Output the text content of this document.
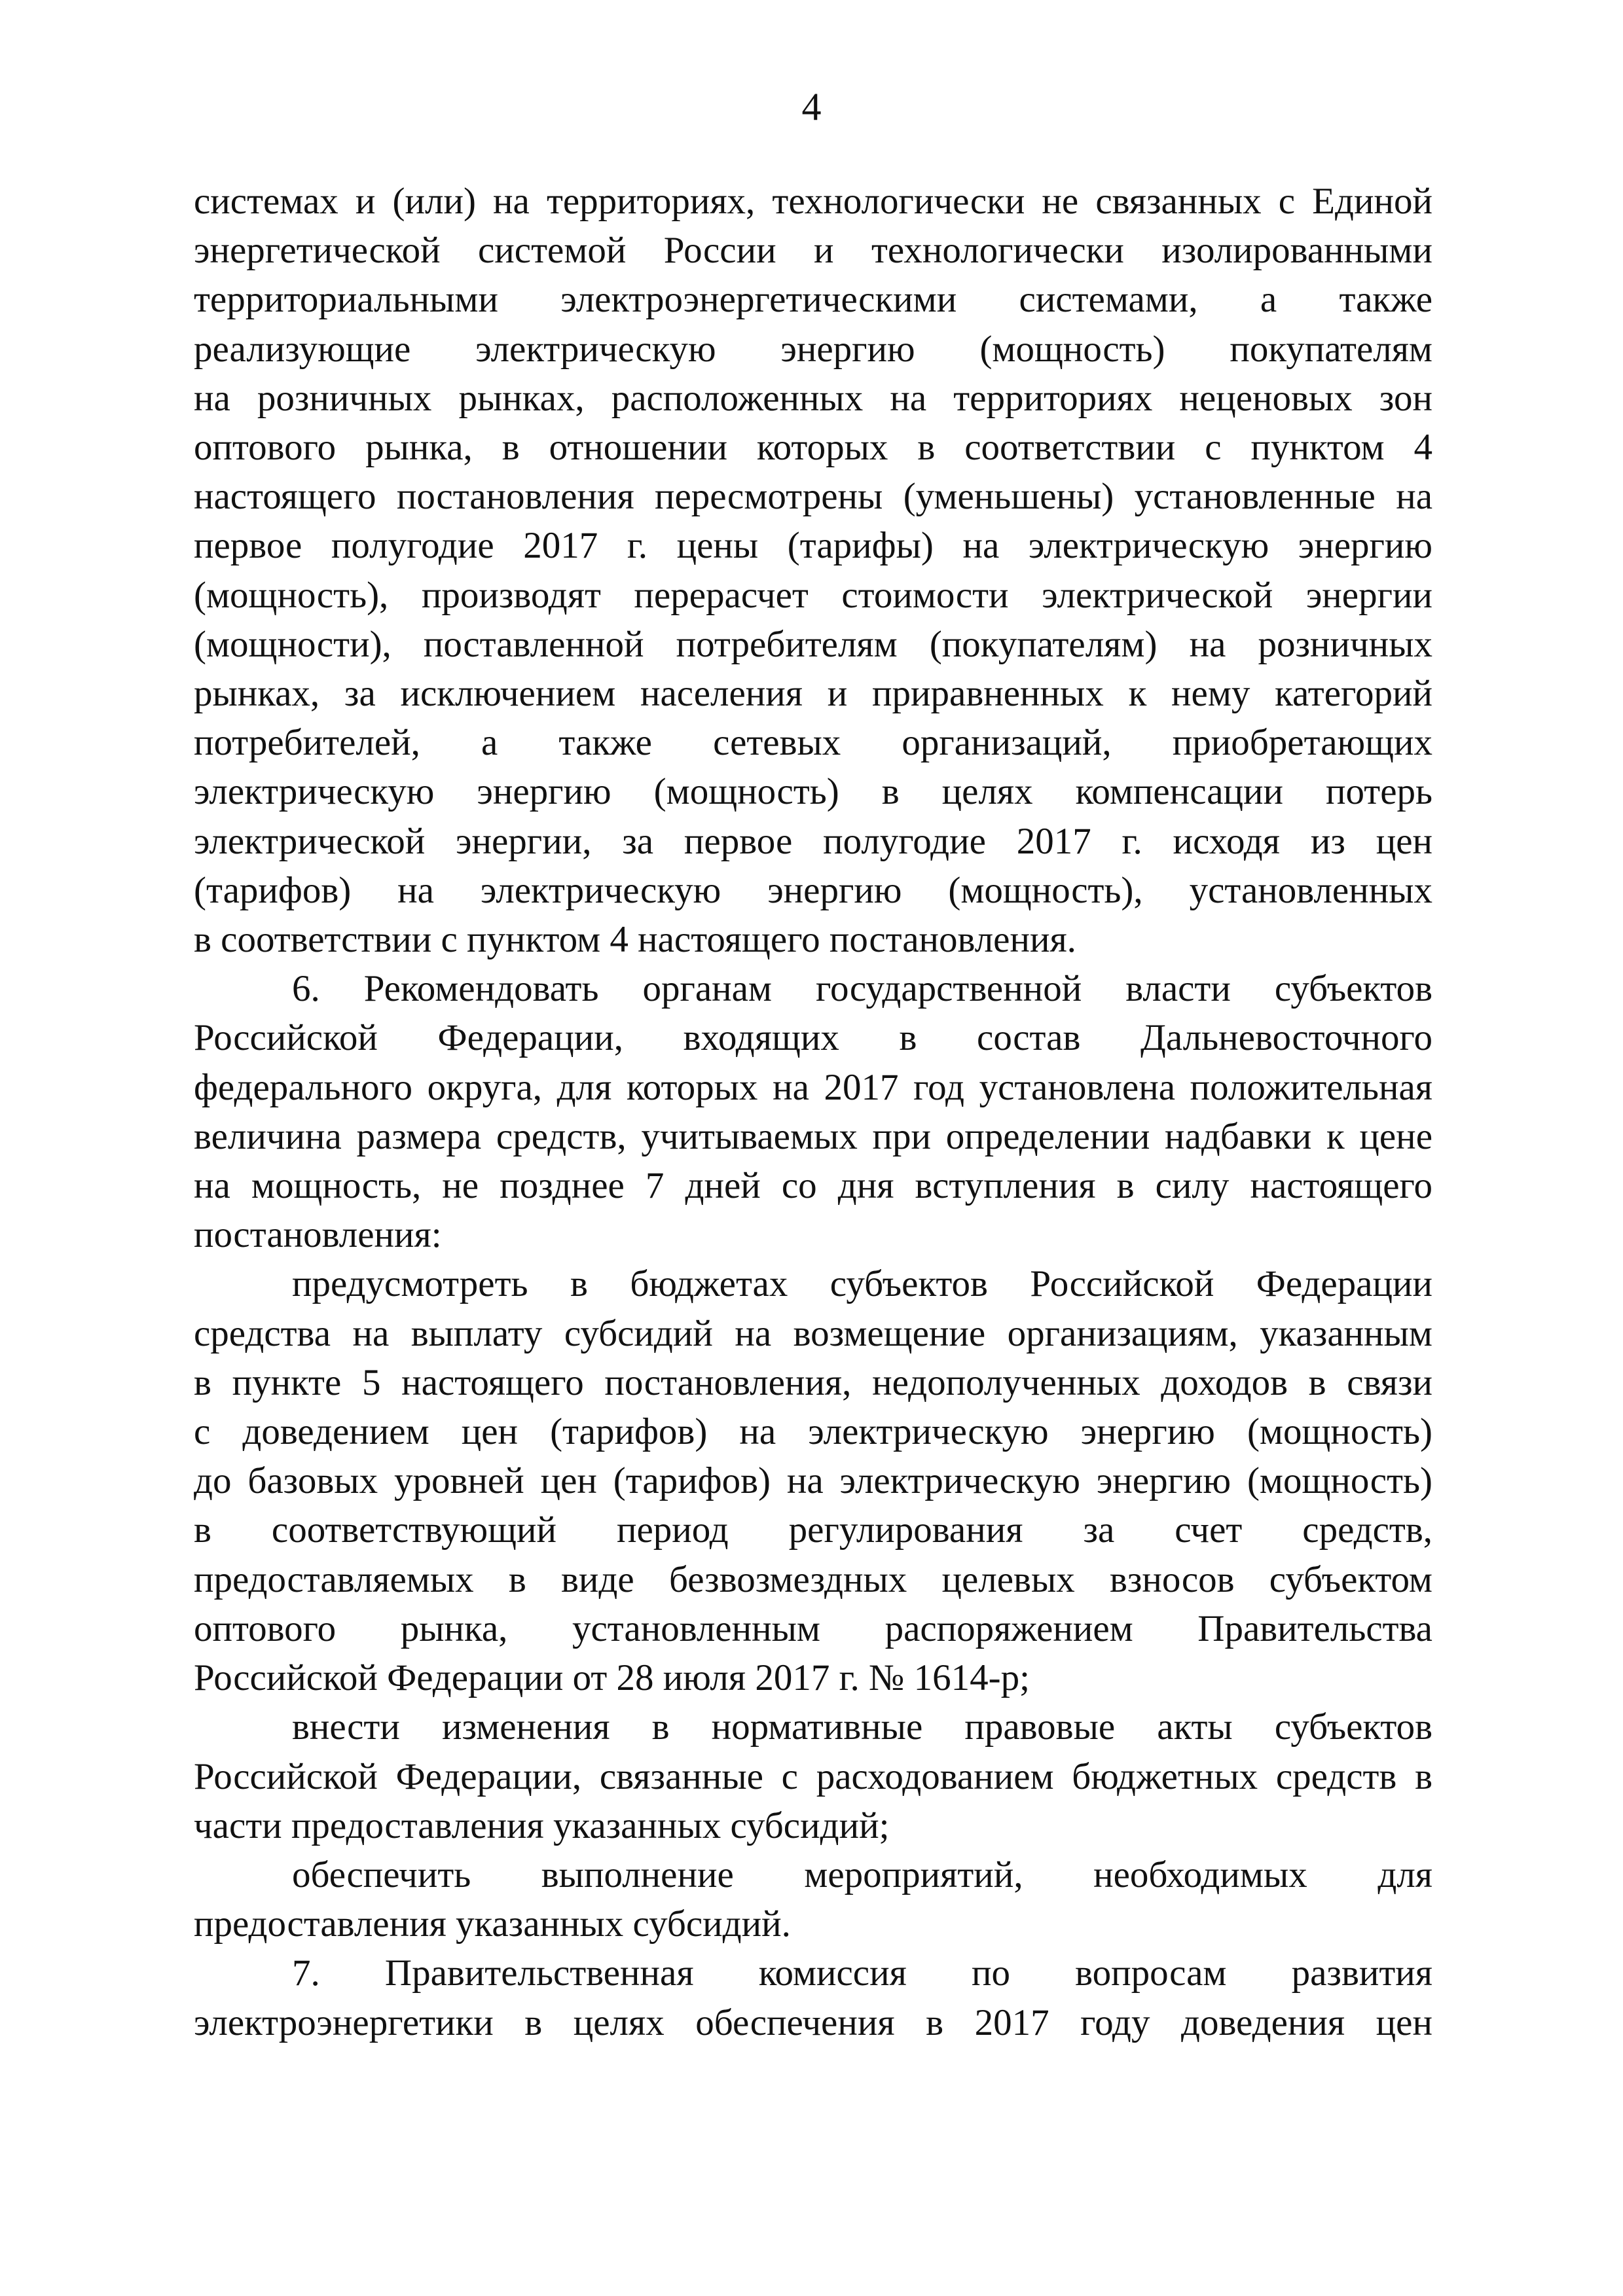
4
системах и (или) на территориях, технологически не связанных с Единой
энергетической системой России и технологически изолированными
территориальными электроэнергетическими системами, а также
реализующие электрическую энергию (мощность) покупателям
на розничных рынках, расположенных на территориях неценовых зон
оптового рынка, в отношении которых в соответствии с пунктом 4
настоящего постановления пересмотрены (уменьшены) установленные на
первое полугодие 2017 г. цены (тарифы) на электрическую энергию
(мощность), производят перерасчет стоимости электрической энергии
(мощности), поставленной потребителям (покупателям) на розничных
рынках, за исключением населения и приравненных к нему категорий
потребителей, а также сетевых организаций, приобретающих
электрическую энергию (мощность) в целях компенсации потерь
электрической энергии, за первое полугодие 2017 г. исходя из цен
(тарифов) на электрическую энергию (мощность), установленных
в соответствии с пунктом 4 настоящего постановления.
6. Рекомендовать органам государственной власти субъектов
Российской Федерации, входящих в состав Дальневосточного
федерального округа, для которых на 2017 год установлена положительная
величина размера средств, учитываемых при определении надбавки к цене
на мощность, не позднее 7 дней со дня вступления в силу настоящего
постановления:
предусмотреть в бюджетах субъектов Российской Федерации
средства на выплату субсидий на возмещение организациям, указанным
в пункте 5 настоящего постановления, недополученных доходов в связи
с доведением цен (тарифов) на электрическую энергию (мощность)
до базовых уровней цен (тарифов) на электрическую энергию (мощность)
в соответствующий период регулирования за счет средств,
предоставляемых в виде безвозмездных целевых взносов субъектом
оптового рынка, установленным распоряжением Правительства
Российской Федерации от 28 июля 2017 г. № 1614-р;
внести изменения в нормативные правовые акты субъектов
Российской Федерации, связанные с расходованием бюджетных средств в
части предоставления указанных субсидий;
обеспечить выполнение мероприятий, необходимых для
предоставления указанных субсидий.
7. Правительственная комиссия по вопросам развития
электроэнергетики в целях обеспечения в 2017 году доведения цен
